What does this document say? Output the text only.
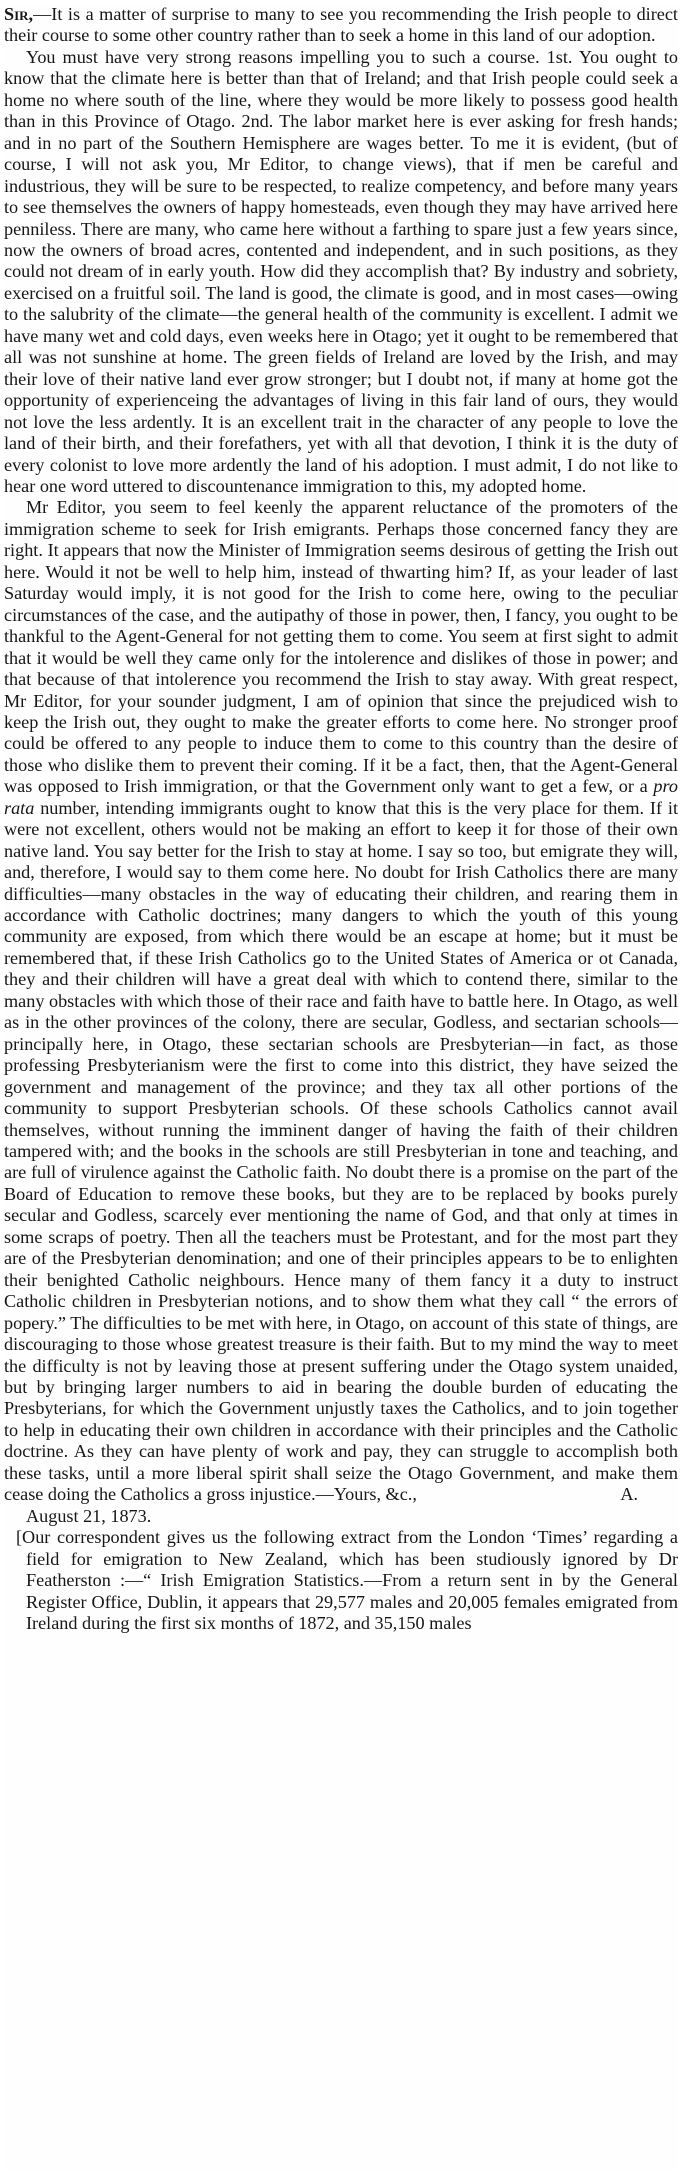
Sir,—It is a matter of surprise to many to see you recommending the Irish people to direct their course to some other country rather than to seek a home in this land of our adoption.

You must have very strong reasons impelling you to such a course. 1st. You ought to know that the climate here is better than that of Ireland; and that Irish people could seek a home no where south of the line, where they would be more likely to possess good health than in this Province of Otago. 2nd. The labor market here is ever asking for fresh hands; and in no part of the Southern Hemisphere are wages better. To me it is evident, (but of course, I will not ask you, Mr Editor, to change views), that if men be careful and industrious, they will be sure to be respected, to realize competency, and before many years to see themselves the owners of happy homesteads, even though they may have arrived here penniless. There are many, who came here without a farthing to spare just a few years since, now the owners of broad acres, contented and independent, and in such positions, as they could not dream of in early youth. How did they accomplish that? By industry and sobriety, exercised on a fruitful soil. The land is good, the climate is good, and in most cases—owing to the salubrity of the climate—the general health of the community is excellent. I admit we have many wet and cold days, even weeks here in Otago; yet it ought to be remembered that all was not sunshine at home. The green fields of Ireland are loved by the Irish, and may their love of their native land ever grow stronger; but I doubt not, if many at home got the opportunity of experienceing the advantages of living in this fair land of ours, they would not love the less ardently. It is an excellent trait in the character of any people to love the land of their birth, and their forefathers, yet with all that devotion, I think it is the duty of every colonist to love more ardently the land of his adoption. I must admit, I do not like to hear one word uttered to discountenance immigration to this, my adopted home.

Mr Editor, you seem to feel keenly the apparent reluctance of the promoters of the immigration scheme to seek for Irish emigrants. Perhaps those concerned fancy they are right. It appears that now the Minister of Immigration seems desirous of getting the Irish out here. Would it not be well to help him, instead of thwarting him? If, as your leader of last Saturday would imply, it is not good for the Irish to come here, owing to the peculiar circumstances of the case, and the autipathy of those in power, then, I fancy, you ought to be thankful to the Agent-General for not getting them to come. You seem at first sight to admit that it would be well they came only for the intolerence and dislikes of those in power; and that because of that intolerence you recommend the Irish to stay away. With great respect, Mr Editor, for your sounder judgment, I am of opinion that since the prejudiced wish to keep the Irish out, they ought to make the greater efforts to come here. No stronger proof could be offered to any people to induce them to come to this country than the desire of those who dislike them to prevent their coming. If it be a fact, then, that the Agent-General was opposed to Irish immigration, or that the Government only want to get a few, or a pro rata number, intending immigrants ought to know that this is the very place for them. If it were not excellent, others would not be making an effort to keep it for those of their own native land. You say better for the Irish to stay at home. I say so too, but emigrate they will, and, therefore, I would say to them come here. No doubt for Irish Catholics there are many difficulties—many obstacles in the way of educating their children, and rearing them in accordance with Catholic doctrines; many dangers to which the youth of this young community are exposed, from which there would be an escape at home; but it must be remembered that, if these Irish Catholics go to the United States of America or ot Canada, they and their children will have a great deal with which to contend there, similar to the many obstacles with which those of their race and faith have to battle here. In Otago, as well as in the other provinces of the colony, there are secular, Godless, and sectarian schools—principally here, in Otago, these sectarian schools are Presbyterian—in fact, as those professing Presbyterianism were the first to come into this district, they have seized the government and management of the province; and they tax all other portions of the community to support Presbyterian schools. Of these schools Catholics cannot avail themselves, without running the imminent danger of having the faith of their children tampered with; and the books in the schools are still Presbyterian in tone and teaching, and are full of virulence against the Catholic faith. No doubt there is a promise on the part of the Board of Education to remove these books, but they are to be replaced by books purely secular and Godless, scarcely ever mentioning the name of God, and that only at times in some scraps of poetry. Then all the teachers must be Protestant, and for the most part they are of the Presbyterian denomination; and one of their principles appears to be to enlighten their benighted Catholic neighbours. Hence many of them fancy it a duty to instruct Catholic children in Presbyterian notions, and to show them what they call “ the errors of popery.” The difficulties to be met with here, in Otago, on account of this state of things, are discouraging to those whose greatest treasure is their faith. But to my mind the way to meet the difficulty is not by leaving those at present suffering under the Otago system unaided, but by bringing larger numbers to aid in bearing the double burden of educating the Presbyterians, for which the Government unjustly taxes the Catholics, and to join together to help in educating their own children in accordance with their principles and the Catholic doctrine. As they can have plenty of work and pay, they can struggle to accomplish both these tasks, until a more liberal spirit shall seize the Otago Government, and make them cease doing the Catholics a gross injustice.—Yours, &c.,	A.

August 21, 1873.

[Our correspondent gives us the following extract from the London ‘Times’ regarding a field for emigration to New Zealand, which has been studiously ignored by Dr Featherston :—“ Irish Emigration Statistics.—From a return sent in by the General Register Office, Dublin, it appears that 29,577 males and 20,005 females emigrated from Ireland during the first six months of 1872, and 35,150 males
